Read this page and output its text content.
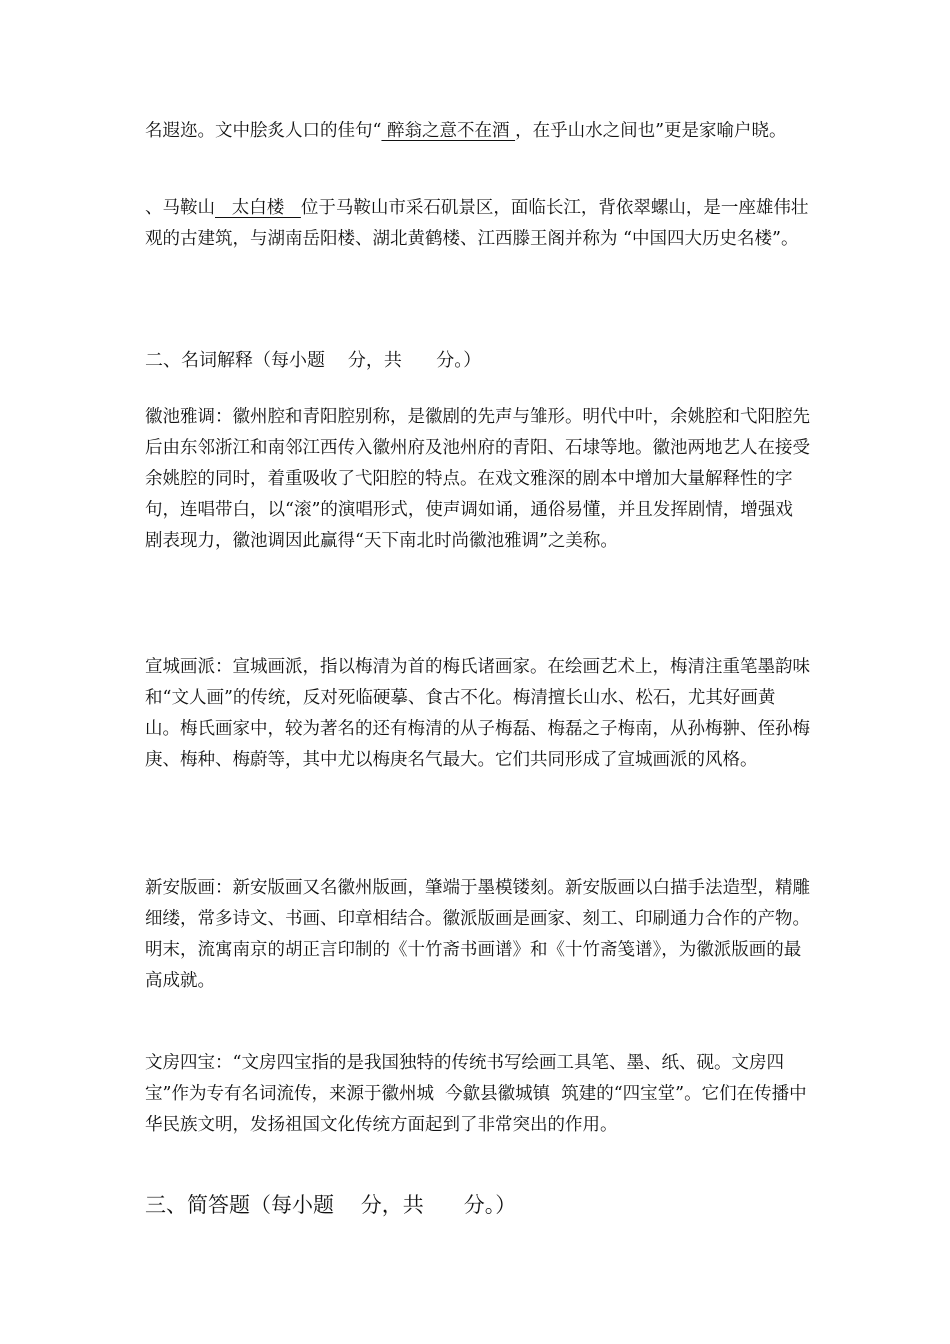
名遐迩。文中脍炙人口的佳句“ 醉翁之意不在酒 ，在乎山水之间也”更是家喻户晓。

、马鞍山   太白楼   位于马鞍山市采石矶景区，面临长江，背依翠螺山，是一座雄伟壮观的古建筑，与湖南岳阳楼、湖北黄鹤楼、江西滕王阁并称为 “中国四大历史名楼”。

二、名词解释（每小题    分，共      分。）

徽池雅调：徽州腔和青阳腔别称，是徽剧的先声与雏形。明代中叶，余姚腔和弋阳腔先后由东邻浙江和南邻江西传入徽州府及池州府的青阳、石埭等地。徽池两地艺人在接受余姚腔的同时，着重吸收了弋阳腔的特点。在戏文雅深的剧本中增加大量解释性的字句，连唱带白，以“滚”的演唱形式，使声调如诵，通俗易懂，并且发挥剧情，增强戏剧表现力，徽池调因此赢得“天下南北时尚徽池雅调”之美称。

宣城画派：宣城画派，指以梅清为首的梅氏诸画家。在绘画艺术上，梅清注重笔墨韵味和“文人画”的传统，反对死临硬摹、食古不化。梅清擅长山水、松石，尤其好画黄山。梅氏画家中，较为著名的还有梅清的从子梅磊、梅磊之子梅南，从孙梅翀、侄孙梅庚、梅种、梅蔚等，其中尤以梅庚名气最大。它们共同形成了宣城画派的风格。

新安版画：新安版画又名徽州版画，肇端于墨模镂刻。新安版画以白描手法造型，精雕细缕，常多诗文、书画、印章相结合。徽派版画是画家、刻工、印刷通力合作的产物。明末，流寓南京的胡正言印制的《十竹斋书画谱》和《十竹斋笺谱》，为徽派版画的最高成就。

文房四宝：“文房四宝指的是我国独特的传统书写绘画工具笔、墨、纸、砚。文房四宝”作为专有名词流传，来源于徽州城  今歙县徽城镇  筑建的“四宝堂”。它们在传播中华民族文明，发扬祖国文化传统方面起到了非常突出的作用。

三、简答题（每小题    分，共      分。）
